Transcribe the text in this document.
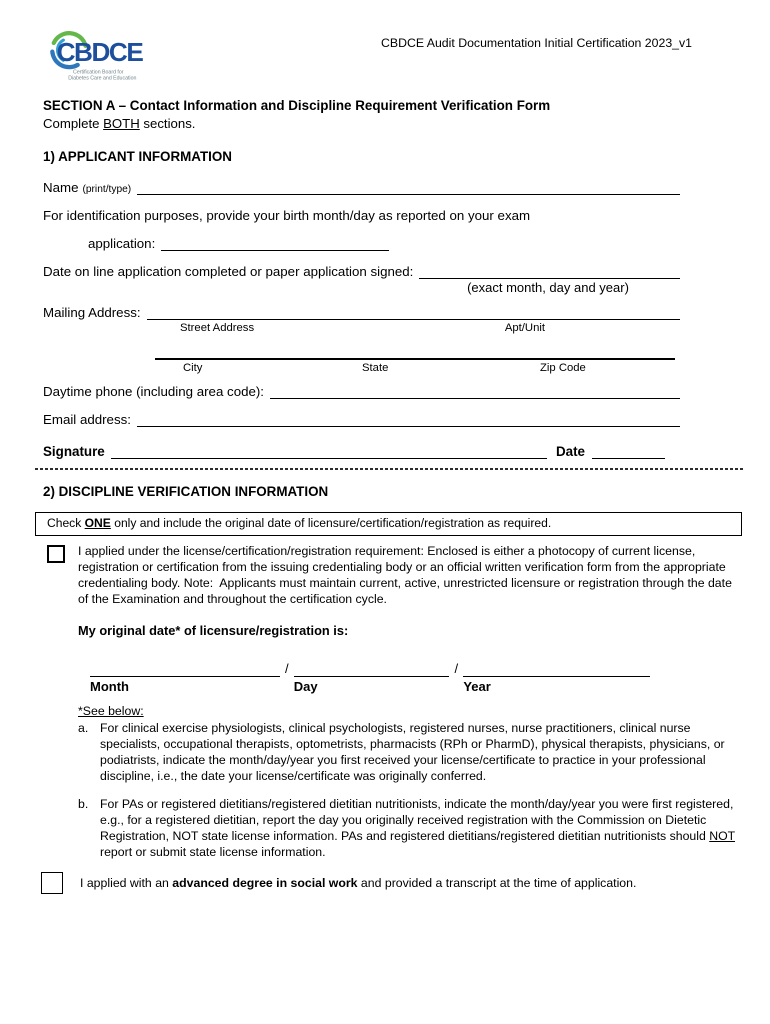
CBDCE
Certification Board for
Diabetes Care and Education
CBDCE Audit Documentation Initial Certification 2023_v1
SECTION A – Contact Information and Discipline Requirement Verification Form
Complete BOTH sections.
1) APPLICANT INFORMATION
Name (print/type)
For identification purposes, provide your birth month/day as reported on your exam
application:
Date on line application completed or paper application signed:
(exact month, day and year)
Mailing Address:
Street Address	Apt/Unit
City	State	Zip Code
Daytime phone (including area code):
Email address:
Signature	Date
2) DISCIPLINE VERIFICATION INFORMATION
Check ONE only and include the original date of licensure/certification/registration as required.
I applied under the license/certification/registration requirement: Enclosed is either a photocopy of current license, registration or certification from the issuing credentialing body or an official written verification form from the appropriate credentialing body. Note:  Applicants must maintain current, active, unrestricted licensure or registration through the date of the Examination and throughout the certification cycle.
My original date* of licensure/registration is:
/	/
Month	Day	Year
*See below:
a. For clinical exercise physiologists, clinical psychologists, registered nurses, nurse practitioners, clinical nurse specialists, occupational therapists, optometrists, pharmacists (RPh or PharmD), physical therapists, physicians, or podiatrists, indicate the month/day/year you first received your license/certificate to practice in your professional discipline, i.e., the date your license/certificate was originally conferred.
b. For PAs or registered dietitians/registered dietitian nutritionists, indicate the month/day/year you were first registered, e.g., for a registered dietitian, report the day you originally received registration with the Commission on Dietetic Registration, NOT state license information. PAs and registered dietitians/registered dietitian nutritionists should NOT report or submit state license information.
I applied with an advanced degree in social work and provided a transcript at the time of application.
